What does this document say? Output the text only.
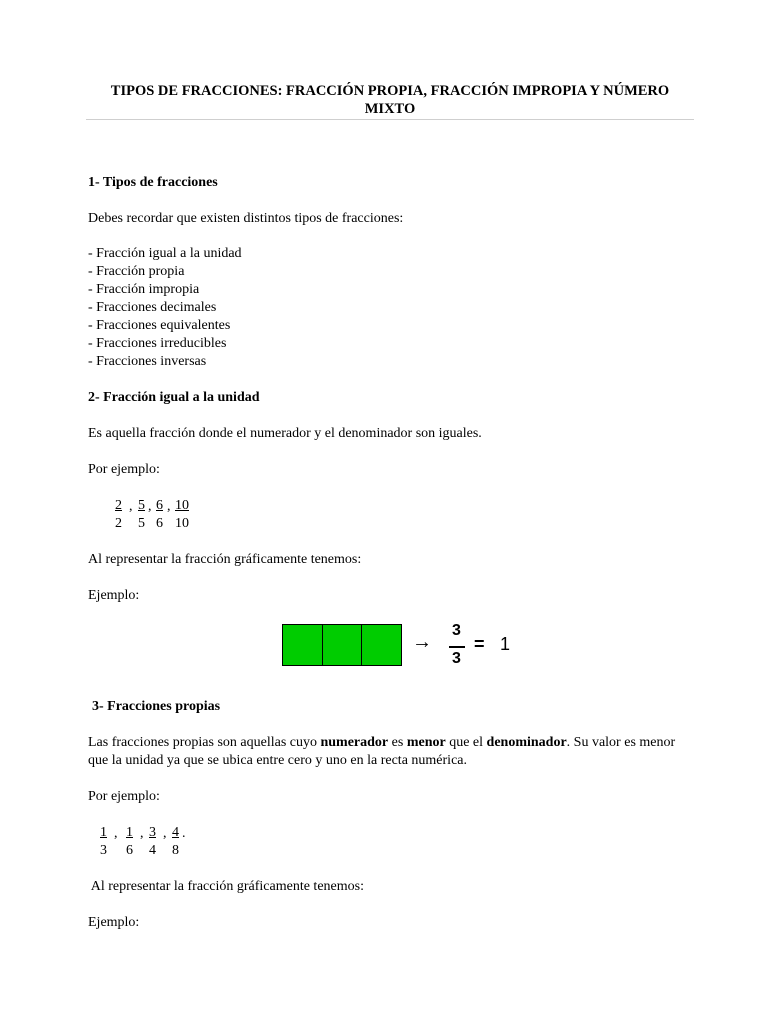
TIPOS DE FRACCIONES: FRACCIÓN PROPIA, FRACCIÓN IMPROPIA Y NÚMERO MIXTO

1- Tipos de fracciones

Debes recordar que existen distintos tipos de fracciones:

- Fracción igual a la unidad
- Fracción propia
- Fracción impropia
- Fracciones decimales
- Fracciones equivalentes
- Fracciones irreducibles
- Fracciones inversas

2- Fracción igual a la unidad

Es aquella fracción donde el numerador y el denominador son iguales.

Por ejemplo:

2
2
, 5
5
, 6
6
, 10
10

Al representar la fracción gráficamente tenemos:

Ejemplo:

→
3
3
= 1

3- Fracciones propias

Las fracciones propias son aquellas cuyo numerador es menor que el denominador. Su valor es menor que la unidad ya que se ubica entre cero y uno en la recta numérica.

Por ejemplo:

1
3
, 1
6
, 3
4
, 4
8
.

Al representar la fracción gráficamente tenemos:

Ejemplo:
